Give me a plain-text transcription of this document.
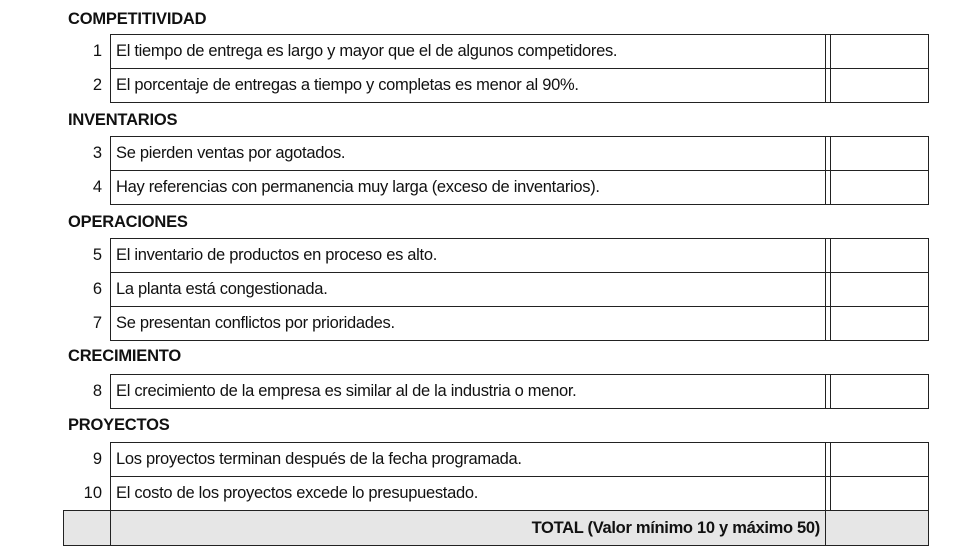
COMPETITIVIDAD
1 El tiempo de entrega es largo y mayor que el de algunos competidores.
2 El porcentaje de entregas a tiempo y completas es menor al 90%.
INVENTARIOS
3 Se pierden ventas por agotados.
4 Hay referencias con permanencia muy larga (exceso de inventarios).
OPERACIONES
5 El inventario de productos en proceso es alto.
6 La planta está congestionada.
7 Se presentan conflictos por prioridades.
CRECIMIENTO
8 El crecimiento de la empresa es similar al de la industria o menor.
PROYECTOS
9 Los proyectos terminan después de la fecha programada.
10 El costo de los proyectos excede lo presupuestado.
TOTAL (Valor mínimo 10 y máximo 50)
